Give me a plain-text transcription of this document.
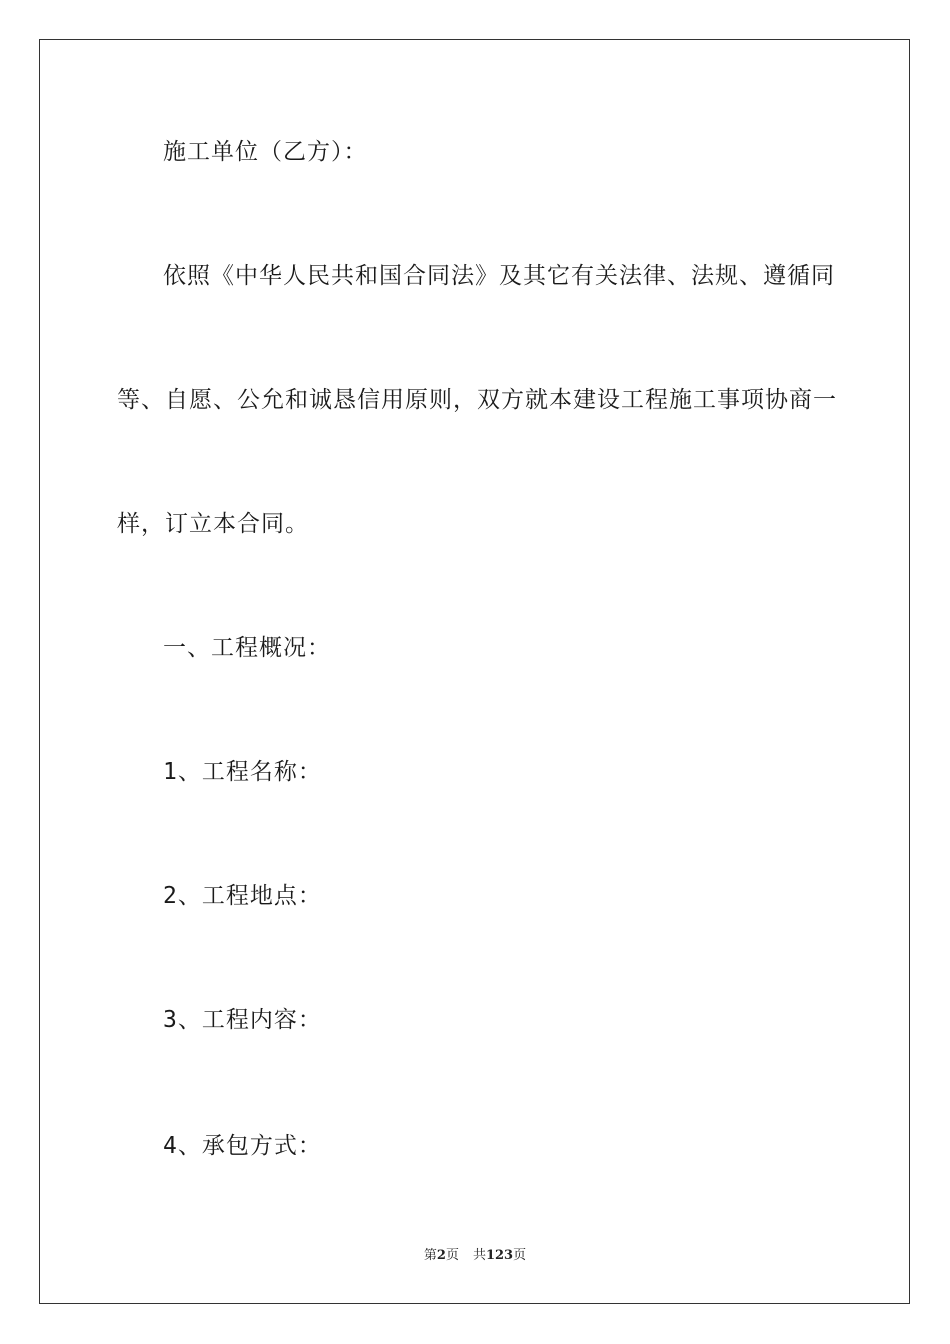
施工单位（乙方）：
依照《中华人民共和国合同法》及其它有关法律、法规、遵循同
等、自愿、公允和诚恳信用原则，双方就本建设工程施工事项协商一
样，订立本合同。
一、工程概况：
1、工程名称：
2、工程地点：
3、工程内容：
4、承包方式：
第2页 共123页
